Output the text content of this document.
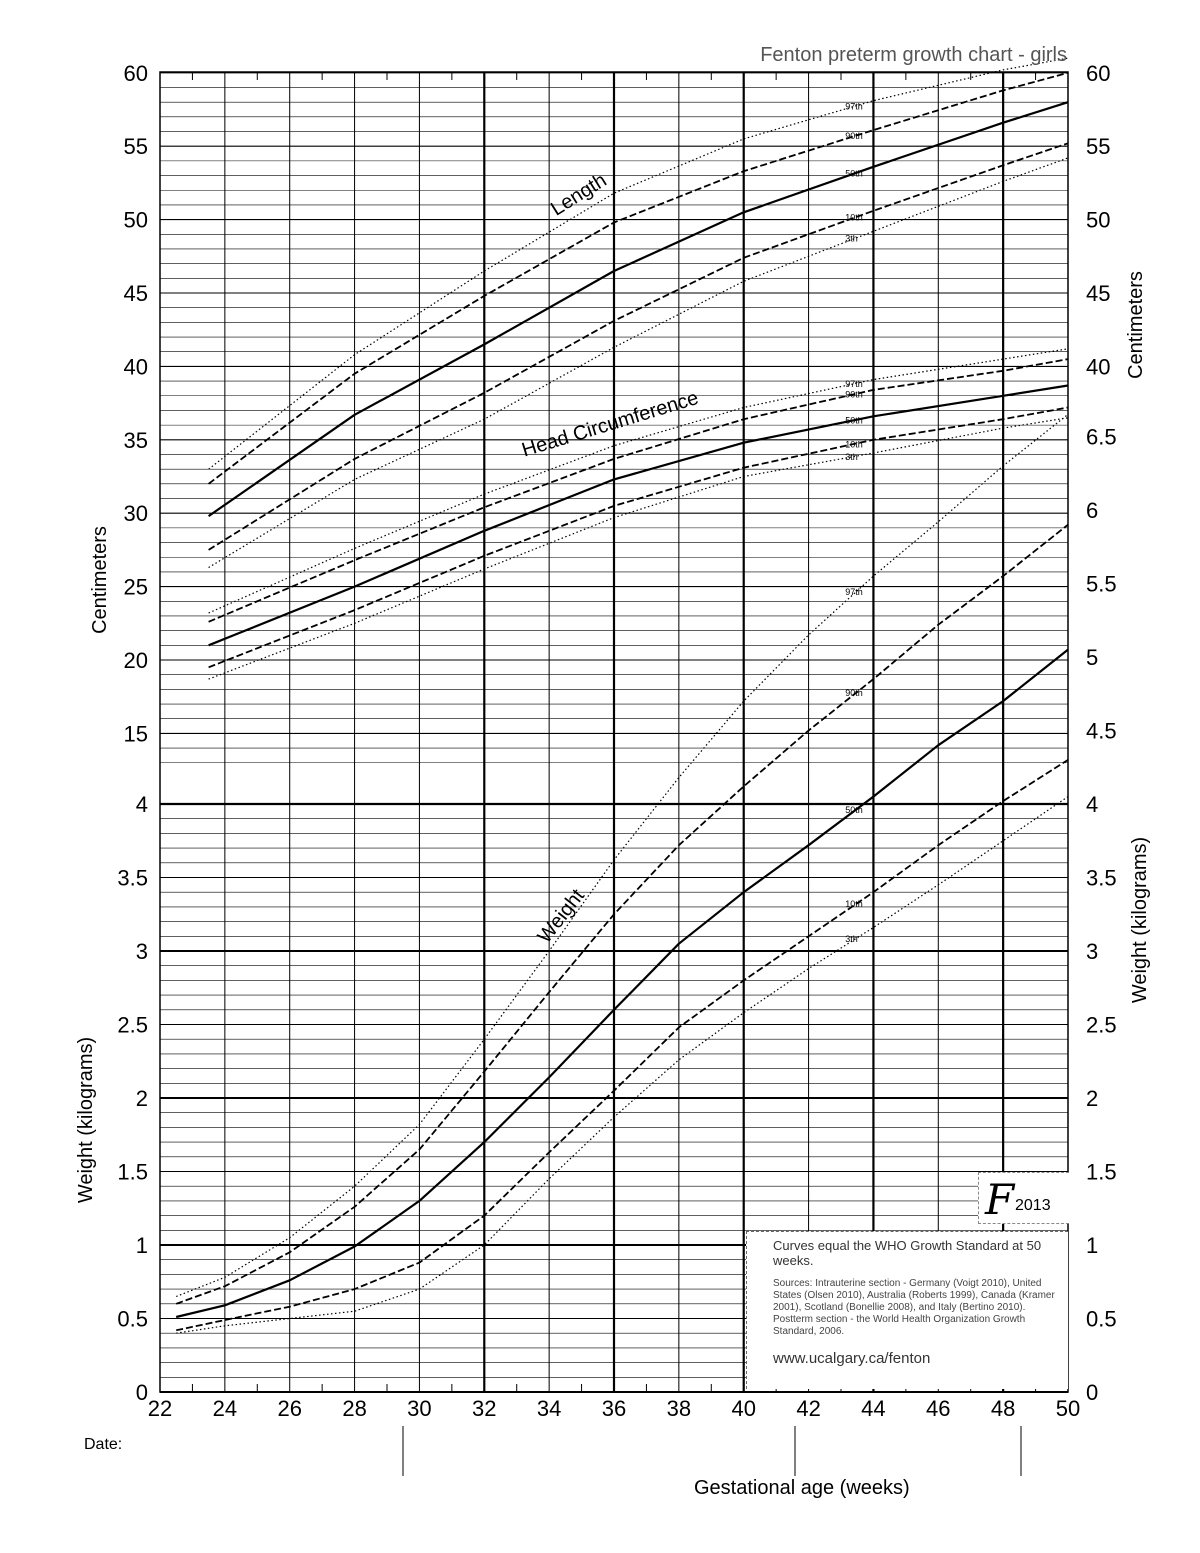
22 24 26 28 30 32 34 36 38 40 42 44 46 48 50
15
20
25
30
35
40
45
50
55
60
0
0.5
1
1.5
2
2.5
3
3.5
4
40
45
50
55
60
0
0.5
1
1.5
2
2.5
3
3.5
4
4.5
5
5.5
6
6.5
Centimeters
Weight (kilograms)
Centimeters
Weight (kilograms)
97th
90th
50th
10th
3th
97th
90th
50th
10th
3th
97th
90th
50th
10th
3th
Length
Head Circumference
Weight
Fenton preterm growth chart - girls
F 2013
Curves equal the WHO Growth Standard at 50 weeks.
Sources: Intrauterine section - Germany (Voigt 2010), United States (Olsen 2010), Australia (Roberts 1999), Canada (Kramer 2001), Scotland (Bonellie 2008), and Italy (Bertino 2010). Postterm section - the World Health Organization Growth Standard, 2006.
www.ucalgary.ca/fenton
Date:
Gestational age (weeks)
